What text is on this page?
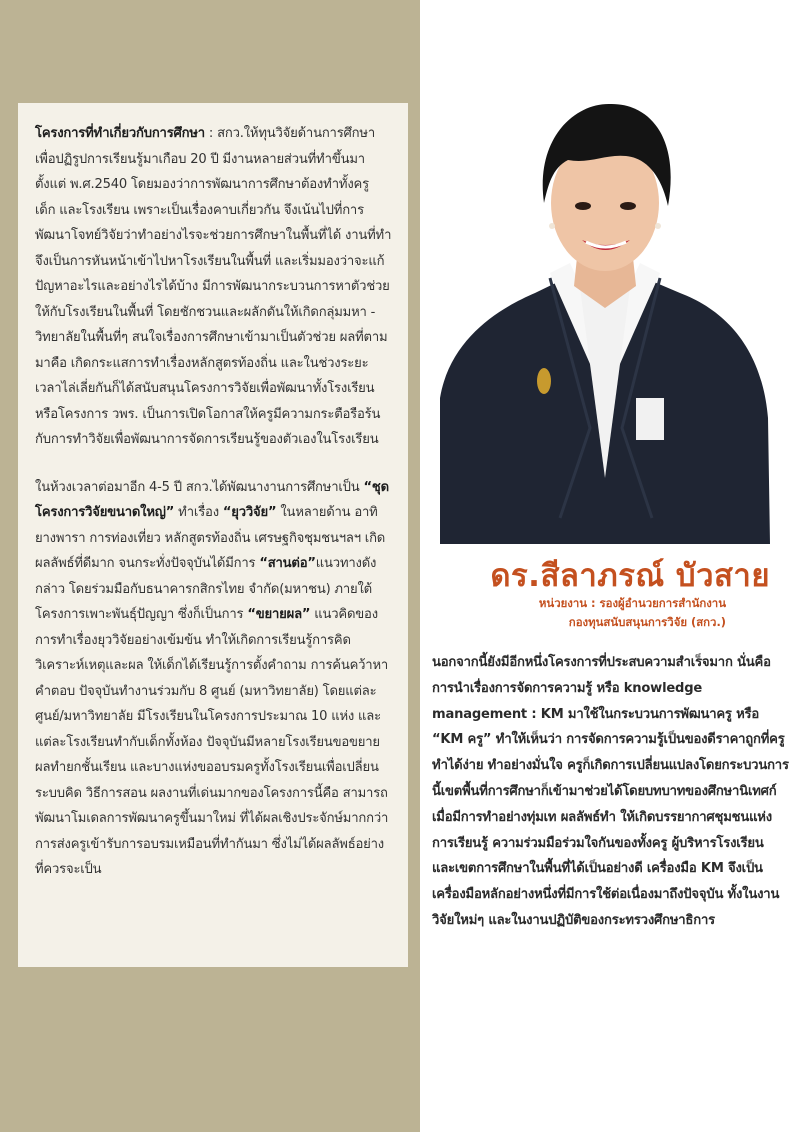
โครงการที่ทำเกี่ยวกับการศึกษา : สกว.ให้ทุนวิจัยด้านการศึกษาเพื่อปฏิรูปการเรียนรู้มาเกือบ 20 ปี มีงานหลายส่วนที่ทำขึ้นมาตั้งแต่ พ.ศ.2540 โดยมองว่าการพัฒนาการศึกษาต้องทำทั้งครู เด็ก และโรงเรียน เพราะเป็นเรื่องคาบเกี่ยวกัน จึงเน้นไปที่การพัฒนาโจทย์วิจัยว่าทำอย่างไรจะช่วยการศึกษาในพื้นที่ได้ งานที่ทำจึงเป็นการหันหน้าเข้าไปหาโรงเรียนในพื้นที่ และเริ่มมองว่าจะแก้ปัญหาอะไรและอย่างไรได้บ้าง มีการพัฒนากระบวนการหาตัวช่วยให้กับโรงเรียนในพื้นที่ โดยชักชวนและผลักดันให้เกิดกลุ่มมหา - วิทยาลัยในพื้นที่ๆ สนใจเรื่องการศึกษาเข้ามาเป็นตัวช่วย ผลที่ตามมาคือ เกิดกระแสการทำเรื่องหลักสูตรท้องถิ่น และในช่วงระยะเวลาไล่เลี่ยกันก็ได้สนับสนุนโครงการวิจัยเพื่อพัฒนาทั้งโรงเรียน หรือโครงการ วพร. เป็นการเปิดโอกาสให้ครูมีความกระตือรือร้นกับการทำวิจัยเพื่อพัฒนาการจัดการเรียนรู้ของตัวเองในโรงเรียน

ในห้วงเวลาต่อมาอีก 4-5 ปี สกว.ได้พัฒนางานการศึกษาเป็น “ชุดโครงการวิจัยขนาดใหญ่” ทำเรื่อง “ยุววิจัย” ในหลายด้าน อาทิ ยางพารา การท่องเที่ยว หลักสูตรท้องถิ่น เศรษฐกิจชุมชนฯลฯ เกิดผลลัพธ์ที่ดีมาก จนกระทั่งปัจจุบันได้มีการ “สานต่อ”แนวทางดังกล่าว โดยร่วมมือกับธนาคารกสิกรไทย จำกัด(มหาชน) ภายใต้โครงการเพาะพันธุ์ปัญญา ซึ่งก็เป็นการ “ขยายผล” แนวคิดของการทำเรื่องยุววิจัยอย่างเข้มข้น ทำให้เกิดการเรียนรู้การคิดวิเคราะห์เหตุและผล ให้เด็กได้เรียนรู้การตั้งคำถาม การค้นคว้าหาคำตอบ ปัจจุบันทำงานร่วมกับ 8 ศูนย์ (มหาวิทยาลัย) โดยแต่ละศูนย์/มหาวิทยาลัย มีโรงเรียนในโครงการประมาณ 10 แห่ง และแต่ละโรงเรียนทำกับเด็กทั้งห้อง ปัจจุบันมีหลายโรงเรียนขอขยายผลทำยกชั้นเรียน และบางแห่งขออบรมครูทั้งโรงเรียนเพื่อเปลี่ยนระบบคิด วิธีการสอน ผลงานที่เด่นมากของโครงการนี้คือ สามารถพัฒนาโมเดลการพัฒนาครูขึ้นมาใหม่ ที่ได้ผลเชิงประจักษ์มากกว่าการส่งครูเข้ารับการอบรมเหมือนที่ทำกันมา ซึ่งไม่ได้ผลลัพธ์อย่างที่ควรจะเป็น

ดร.สีลาภรณ์ บัวสาย

หน่วยงาน : รองผู้อำนวยการสำนักงาน

กองทุนสนับสนุนการวิจัย (สกว.)

นอกจากนี้ยังมีอีกหนึ่งโครงการที่ประสบความสำเร็จมาก นั่นคือ การนำเรื่องการจัดการความรู้ หรือ knowledge management : KM มาใช้ในกระบวนการพัฒนาครู หรือ “KM ครู” ทำให้เห็นว่า การจัดการความรู้เป็นของดีราคาถูกที่ครูทำได้ง่าย ทำอย่างมั่นใจ ครูก็เกิดการเปลี่ยนแปลงโดยกระบวนการนี้เขตพื้นที่การศึกษาก็เข้ามาช่วยได้โดยบทบาทของศึกษานิเทศก์ เมื่อมีการทำอย่างทุ่มเท ผลลัพธ์ทำ ให้เกิดบรรยากาศชุมชนแห่งการเรียนรู้ ความร่วมมือร่วมใจกันของทั้งครู ผู้บริหารโรงเรียน และเขตการศึกษาในพื้นที่ได้เป็นอย่างดี เครื่องมือ KM จึงเป็นเครื่องมือหลักอย่างหนึ่งที่มีการใช้ต่อเนื่องมาถึงปัจจุบัน ทั้งในงานวิจัยใหม่ๆ และในงานปฏิบัติของกระทรวงศึกษาธิการ
